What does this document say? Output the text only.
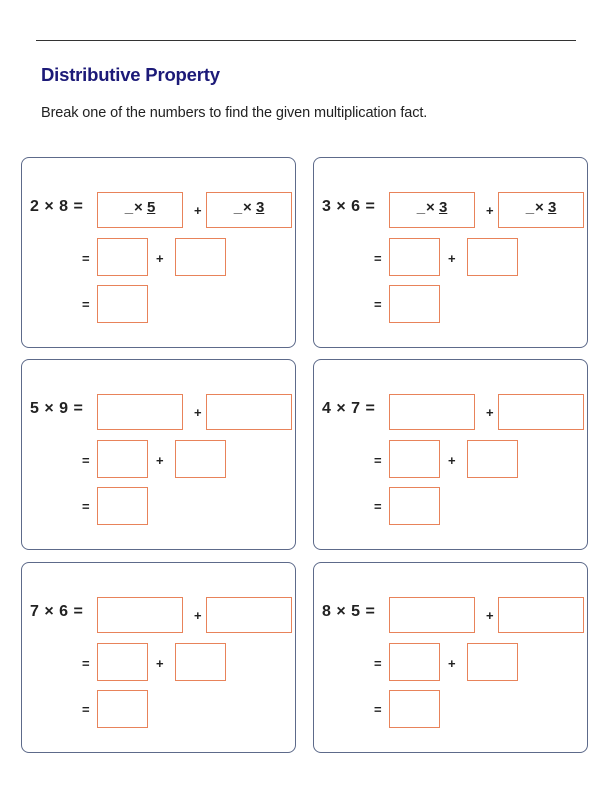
Distributive Property

Break one of the numbers to find the given multiplication fact.

2 × 8 =	_× 5	+	_× 3
=	+
=
3 × 6 =	_× 3	+	_× 3
=	+
=
5 × 9 =	+
=	+
=
4 × 7 =	+
=	+
=
7 × 6 =	+
=	+
=
8 × 5 =	+
=	+
=
